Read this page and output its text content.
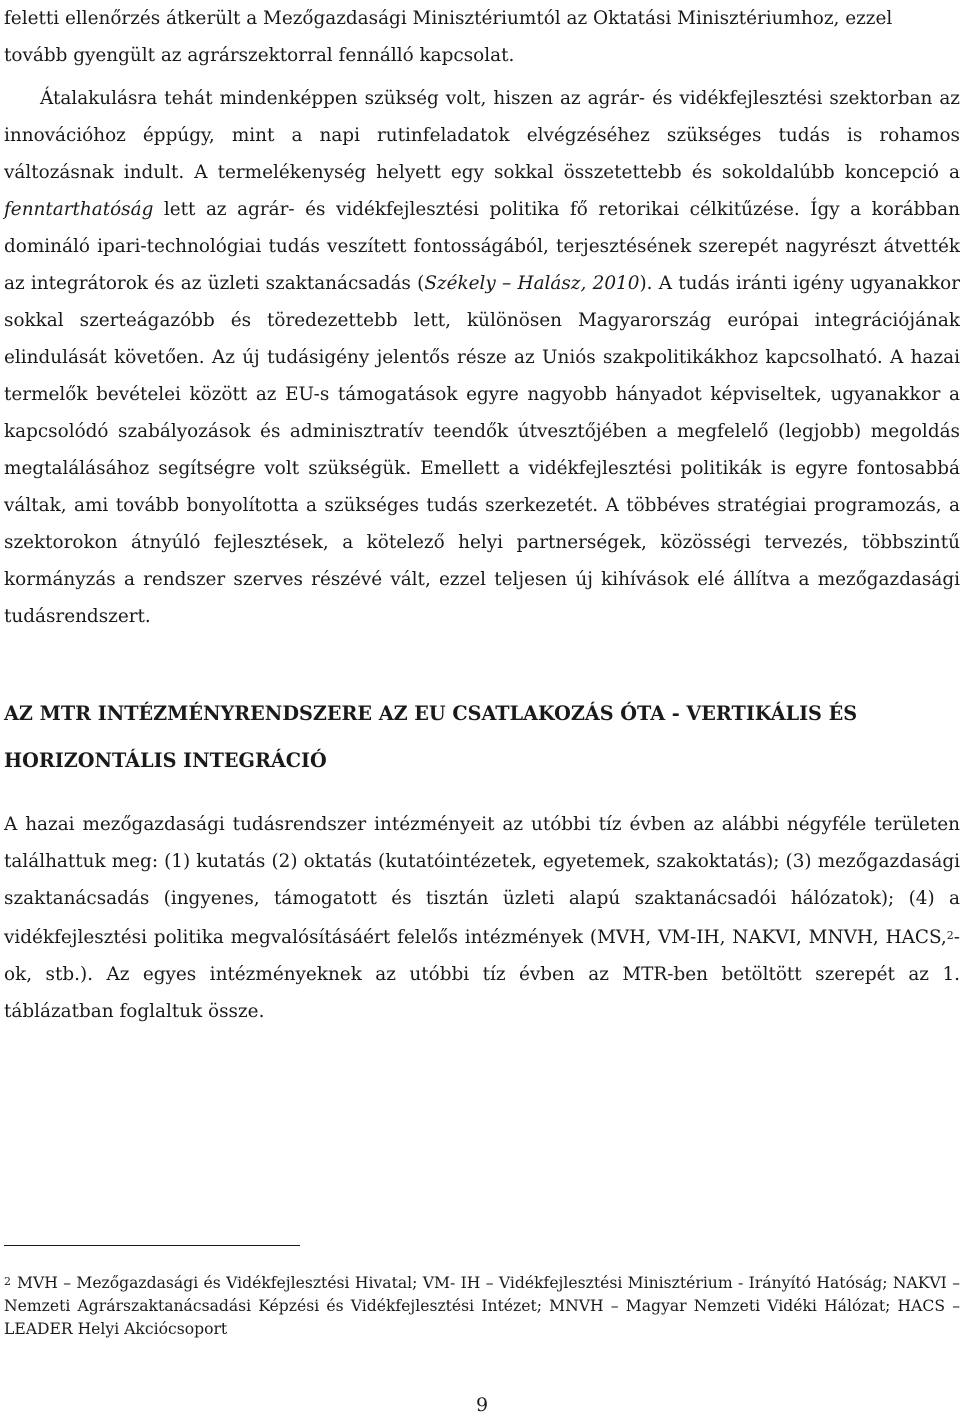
feletti ellenőrzés átkerült a Mezőgazdasági Minisztériumtól az Oktatási Minisztériumhoz, ezzel
tovább gyengült az agrárszektorral fennálló kapcsolat.

Átalakulásra tehát mindenképpen szükség volt, hiszen az agrár- és vidékfejlesztési szektorban az innovációhoz éppúgy, mint a napi rutinfeladatok elvégzéséhez szükséges tudás is rohamos változásnak indult. A termelékenység helyett egy sokkal összetettebb és sokoldalúbb koncepció a fenntarthatóság lett az agrár- és vidékfejlesztési politika fő retorikai célkitűzése. Így a korábban domináló ipari-technológiai tudás veszített fontosságából, terjesztésének szerepét nagyrészt átvették az integrátorok és az üzleti szaktanácsadás (Székely – Halász, 2010). A tudás iránti igény ugyanakkor sokkal szerteágazóbb és töredezettebb lett, különösen Magyarország európai integrációjának elindulását követően. Az új tudásigény jelentős része az Uniós szakpolitikákhoz kapcsolható. A hazai termelők bevételei között az EU-s támogatások egyre nagyobb hányadot képviseltek, ugyanakkor a kapcsolódó szabályozások és adminisztratív teendők útvesztőjében a megfelelő (legjobb) megoldás megtalálásához segítségre volt szükségük. Emellett a vidékfejlesztési politikák is egyre fontosabbá váltak, ami tovább bonyolította a szükséges tudás szerkezetét. A többéves stratégiai programozás, a szektorokon átnyúló fejlesztések, a kötelező helyi partnerségek, közösségi tervezés, többszintű kormányzás a rendszer szerves részévé vált, ezzel teljesen új kihívások elé állítva a mezőgazdasági tudásrendszert.

AZ MTR INTÉZMÉNYRENDSZERE AZ EU CSATLAKOZÁS ÓTA - VERTIKÁLIS ÉS HORIZONTÁLIS INTEGRÁCIÓ

A hazai mezőgazdasági tudásrendszer intézményeit az utóbbi tíz évben az alábbi négyféle területen találhattuk meg: (1) kutatás (2) oktatás (kutatóintézetek, egyetemek, szakoktatás); (3) mezőgazdasági szaktanácsadás (ingyenes, támogatott és tisztán üzleti alapú szaktanácsadói hálózatok); (4) a vidékfejlesztési politika megvalósításáért felelős intézmények (MVH, VM-IH, NAKVI, MNVH, $HACS,_2-ok$, stb.). Az egyes intézményeknek az utóbbi tíz évben az MTR-ben betöltött szerepét az 1. táblázatban foglaltuk össze.

2 MVH – Mezőgazdasági és Vidékfejlesztési Hivatal; VM- IH – Vidékfejlesztési Minisztérium - Irányító Hatóság; NAKVI – Nemzeti Agrárszaktanácsadási Képzési és Vidékfejlesztési Intézet; MNVH – Magyar Nemzeti Vidéki Hálózat; HACS – LEADER Helyi Akciócsoport

9
